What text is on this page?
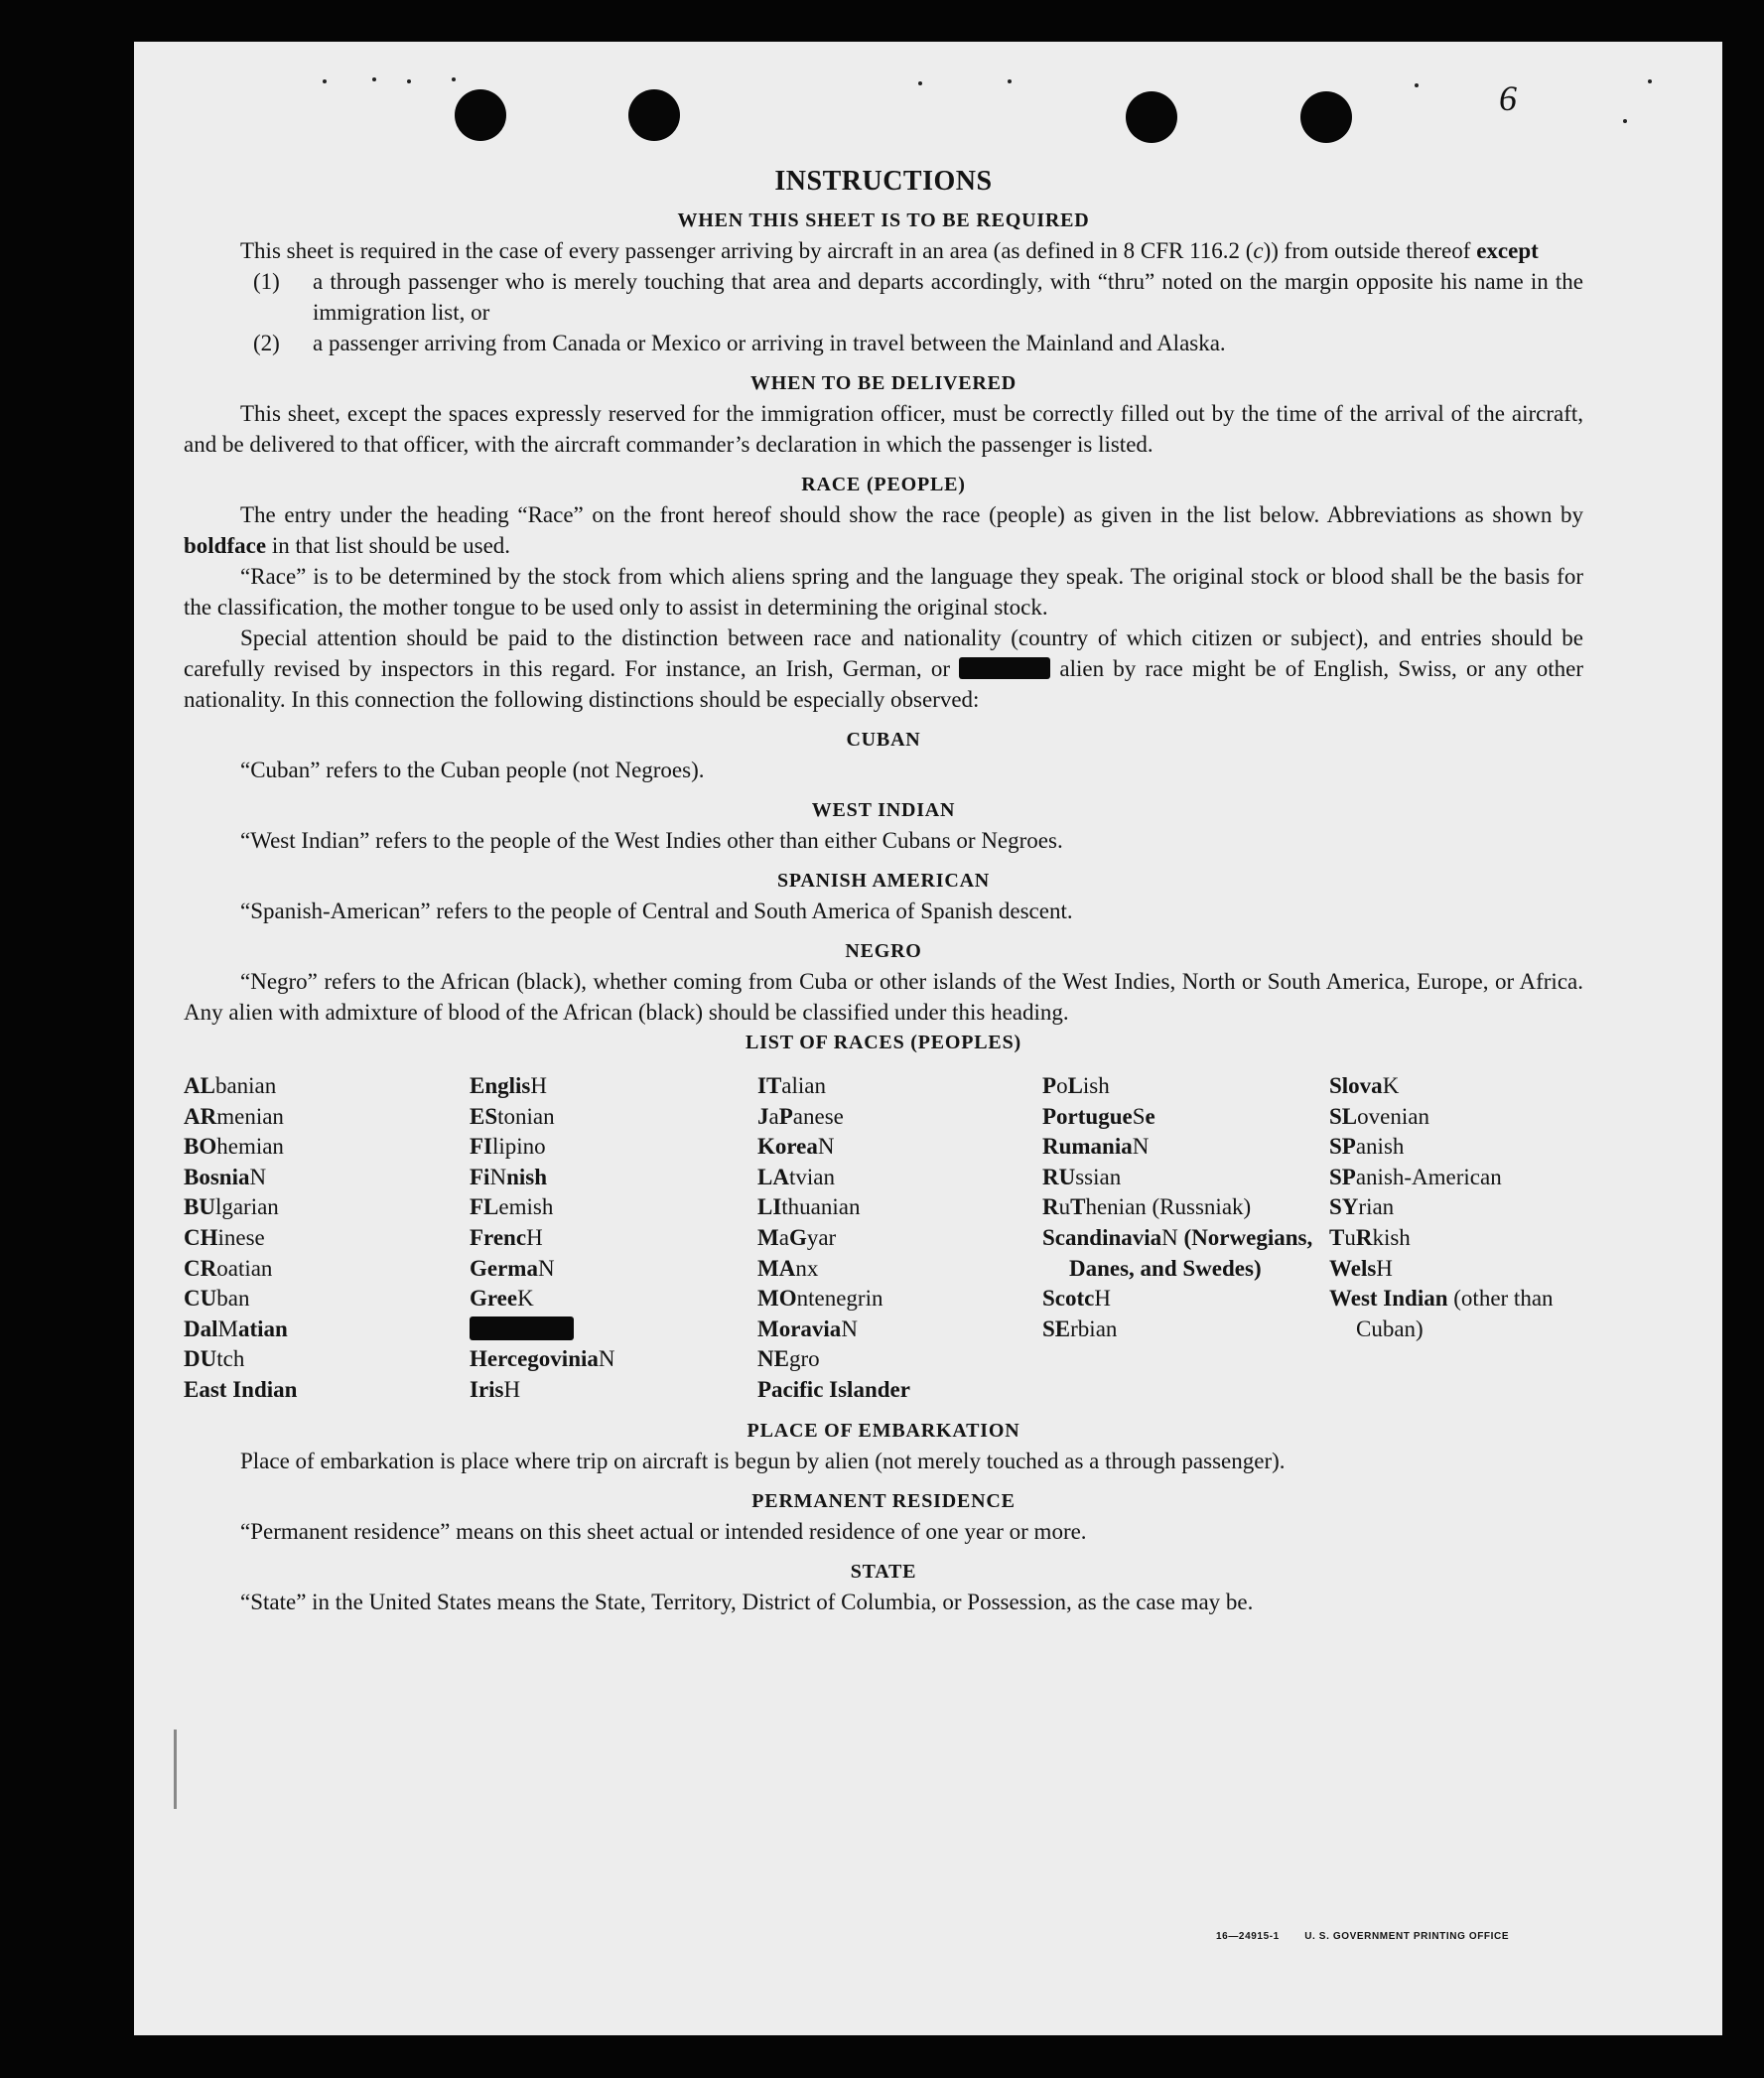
6
INSTRUCTIONS
WHEN THIS SHEET IS TO BE REQUIRED

This sheet is required in the case of every passenger arriving by aircraft in an area (as defined in 8 CFR 116.2 (c)) from outside thereof except

(1)	a through passenger who is merely touching that area and departs accordingly, with “thru” noted on the margin opposite his name in the immigration list, or
(2)	a passenger arriving from Canada or Mexico or arriving in travel between the Mainland and Alaska.
WHEN TO BE DELIVERED

This sheet, except the spaces expressly reserved for the immigration officer, must be correctly filled out by the time of the arrival of the aircraft, and be delivered to that officer, with the aircraft commander’s declaration in which the passenger is listed.

RACE (PEOPLE)

The entry under the heading “Race” on the front hereof should show the race (people) as given in the list below. Abbreviations as shown by boldface in that list should be used.

“Race” is to be determined by the stock from which aliens spring and the language they speak. The original stock or blood shall be the basis for the classification, the mother tongue to be used only to assist in determining the original stock.

Special attention should be paid to the distinction between race and nationality (country of which citizen or subject), and entries should be carefully revised by inspectors in this regard. For instance, an Irish, German, or	alien by race might be of English, Swiss, or any other nationality. In this connection the following distinctions should be especially observed:

CUBAN

“Cuban” refers to the Cuban people (not Negroes).

WEST INDIAN

“West Indian” refers to the people of the West Indies other than either Cubans or Negroes.

SPANISH AMERICAN

“Spanish-American” refers to the people of Central and South America of Spanish descent.

NEGRO

“Negro” refers to the African (black), whether coming from Cuba or other islands of the West Indies, North or South America, Europe, or Africa. Any alien with admixture of blood of the African (black) should be classified under this heading.

LIST OF RACES (PEOPLES)
ALbanian
ARmenian
BOhemian
BosniaN
BUlgarian
CHinese
CRoatian
CUban
DalMatian
DUtch
East Indian
EnglisH
EStonian
FIlipino
FiNnish
FLemish
FrencH
GermaN
GreeK
HercegoviniaN
IrisH
ITalian
JaPanese
KoreaN
LAtvian
LIthuanian
MaGyar
MAnx
MOntenegrin
MoraviaN
NEgro
Pacific Islander
PoLish
PortugueSe
RumaniaN
RUssian
RuThenian (Russniak)
ScandinaviaN (Norwegians, Danes, and Swedes)
ScotcH
SErbian
SlovaK
SLovenian
SPanish
SPanish-American
SYrian
TuRkish
WelsH
West Indian (other than Cuban)
PLACE OF EMBARKATION

Place of embarkation is place where trip on aircraft is begun by alien (not merely touched as a through passenger).

PERMANENT RESIDENCE

“Permanent residence” means on this sheet actual or intended residence of one year or more.

STATE

“State” in the United States means the State, Territory, District of Columbia, or Possession, as the case may be.

16—24915-1	U. S. GOVERNMENT PRINTING OFFICE
